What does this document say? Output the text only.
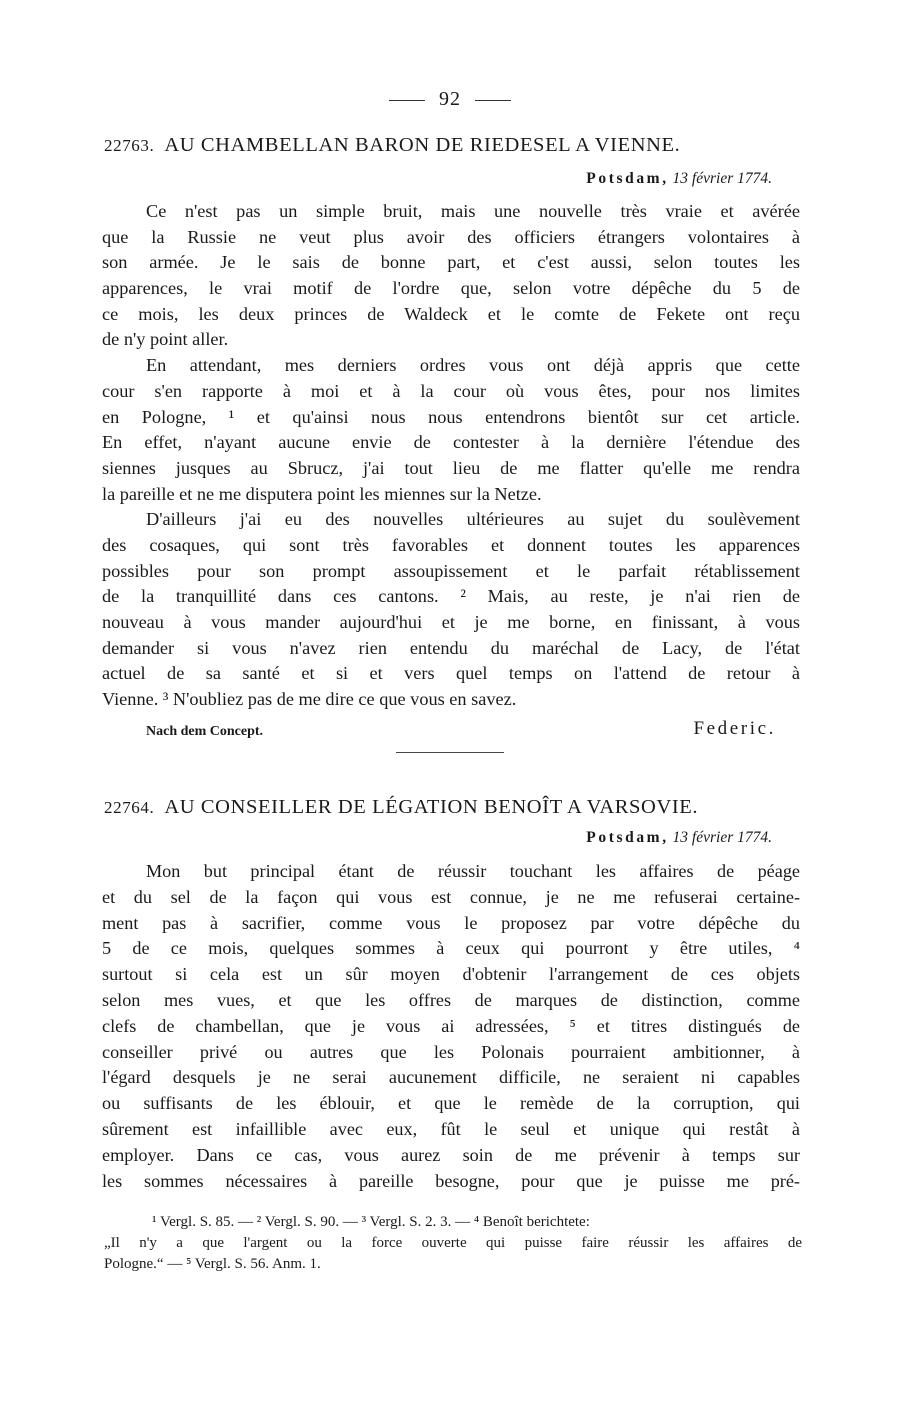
92
22763. AU CHAMBELLAN BARON DE RIEDESEL A VIENNE.
Potsdam, 13 février 1774.
Ce n'est pas un simple bruit, mais une nouvelle très vraie et avérée
que la Russie ne veut plus avoir des officiers étrangers volontaires à
son armée. Je le sais de bonne part, et c'est aussi, selon toutes les
apparences, le vrai motif de l'ordre que, selon votre dépêche du 5 de
ce mois, les deux princes de Waldeck et le comte de Fekete ont reçu
de n'y point aller.
En attendant, mes derniers ordres vous ont déjà appris que cette
cour s'en rapporte à moi et à la cour où vous êtes, pour nos limites
en Pologne, ¹ et qu'ainsi nous nous entendrons bientôt sur cet article.
En effet, n'ayant aucune envie de contester à la dernière l'étendue des
siennes jusques au Sbrucz, j'ai tout lieu de me flatter qu'elle me rendra
la pareille et ne me disputera point les miennes sur la Netze.
D'ailleurs j'ai eu des nouvelles ultérieures au sujet du soulèvement
des cosaques, qui sont très favorables et donnent toutes les apparences
possibles pour son prompt assoupissement et le parfait rétablissement
de la tranquillité dans ces cantons. ² Mais, au reste, je n'ai rien de
nouveau à vous mander aujourd'hui et je me borne, en finissant, à vous
demander si vous n'avez rien entendu du maréchal de Lacy, de l'état
actuel de sa santé et si et vers quel temps on l'attend de retour à
Vienne. ³ N'oubliez pas de me dire ce que vous en savez.
Nach dem Concept.	Federic.
22764. AU CONSEILLER DE LÉGATION BENOÎT A VARSOVIE.
Potsdam, 13 février 1774.
Mon but principal étant de réussir touchant les affaires de péage
et du sel de la façon qui vous est connue, je ne me refuserai certaine-
ment pas à sacrifier, comme vous le proposez par votre dépêche du
5 de ce mois, quelques sommes à ceux qui pourront y être utiles, ⁴
surtout si cela est un sûr moyen d'obtenir l'arrangement de ces objets
selon mes vues, et que les offres de marques de distinction, comme
clefs de chambellan, que je vous ai adressées, ⁵ et titres distingués de
conseiller privé ou autres que les Polonais pourraient ambitionner, à
l'égard desquels je ne serai aucunement difficile, ne seraient ni capables
ou suffisants de les éblouir, et que le remède de la corruption, qui
sûrement est infaillible avec eux, fût le seul et unique qui restât à
employer. Dans ce cas, vous aurez soin de me prévenir à temps sur
les sommes nécessaires à pareille besogne, pour que je puisse me pré-
¹ Vergl. S. 85. — ² Vergl. S. 90. — ³ Vergl. S. 2. 3. — ⁴ Benoît berichtete:
„Il n'y a que l'argent ou la force ouverte qui puisse faire réussir les affaires de
Pologne.“ — ⁵ Vergl. S. 56. Anm. 1.
